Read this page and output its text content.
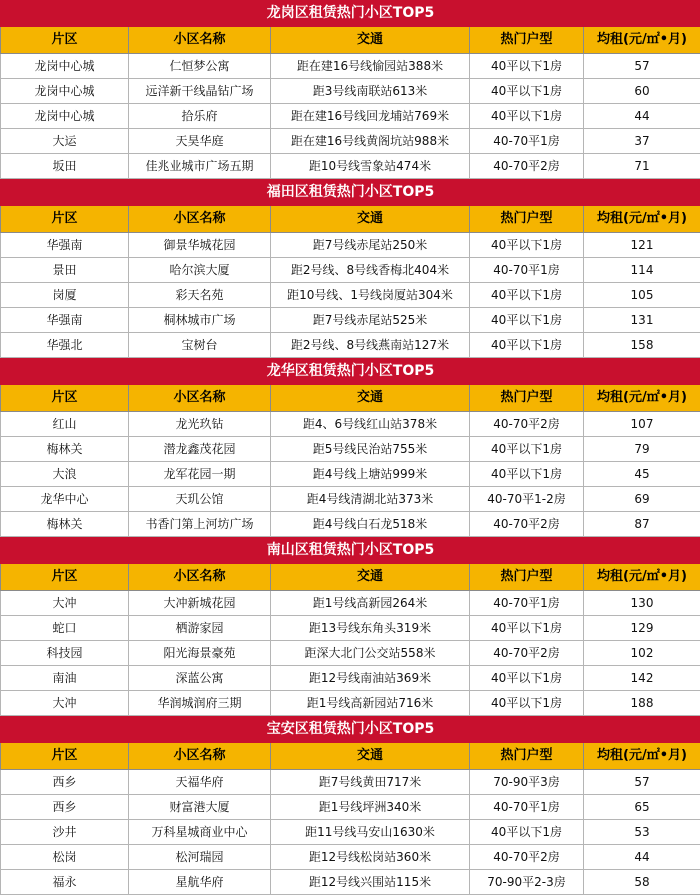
龙岗区租赁热门小区TOP5				
片区	小区名称	交通	热门户型	均租(元/㎡•月)
龙岗中心城	仁恒梦公寓	距在建16号线愉园站388米	40平以下1房	57
龙岗中心城	远洋新干线晶钻广场	距3号线南联站613米	40平以下1房	60
龙岗中心城	拾乐府	距在建16号线回龙埔站769米	40平以下1房	44
大运	天昊华庭	距在建16号线黄阁坑站988米	40-70平1房	37
坂田	佳兆业城市广场五期	距10号线雪象站474米	40-70平2房	71
福田区租赁热门小区TOP5				
片区	小区名称	交通	热门户型	均租(元/㎡•月)
华强南	御景华城花园	距7号线赤尾站250米	40平以下1房	121
景田	哈尔滨大厦	距2号线、8号线香梅北404米	40-70平1房	114
岗厦	彩天名苑	距10号线、1号线岗厦站304米	40平以下1房	105
华强南	桐林城市广场	距7号线赤尾站525米	40平以下1房	131
华强北	宝树台	距2号线、8号线燕南站127米	40平以下1房	158
龙华区租赁热门小区TOP5				
片区	小区名称	交通	热门户型	均租(元/㎡•月)
红山	龙光玖钻	距4、6号线红山站378米	40-70平2房	107
梅林关	潜龙鑫茂花园	距5号线民治站755米	40平以下1房	79
大浪	龙军花园一期	距4号线上塘站999米	40平以下1房	45
龙华中心	天玑公馆	距4号线清湖北站373米	40-70平1-2房	69
梅林关	书香门第上河坊广场	距4号线白石龙518米	40-70平2房	87
南山区租赁热门小区TOP5				
片区	小区名称	交通	热门户型	均租(元/㎡•月)
大冲	大冲新城花园	距1号线高新园264米	40-70平1房	130
蛇口	栖游家园	距13号线东角头319米	40平以下1房	129
科技园	阳光海景豪苑	距深大北门公交站558米	40-70平2房	102
南油	深蓝公寓	距12号线南油站369米	40平以下1房	142
大冲	华润城润府三期	距1号线高新园站716米	40平以下1房	188
宝安区租赁热门小区TOP5				
片区	小区名称	交通	热门户型	均租(元/㎡•月)
西乡	天福华府	距7号线黄田717米	70-90平3房	57
西乡	财富港大厦	距1号线坪洲340米	40-70平1房	65
沙井	万科星城商业中心	距11号线马安山1630米	40平以下1房	53
松岗	松河瑞园	距12号线松岗站360米	40-70平2房	44
福永	星航华府	距12号线兴围站115米	70-90平2-3房	58
